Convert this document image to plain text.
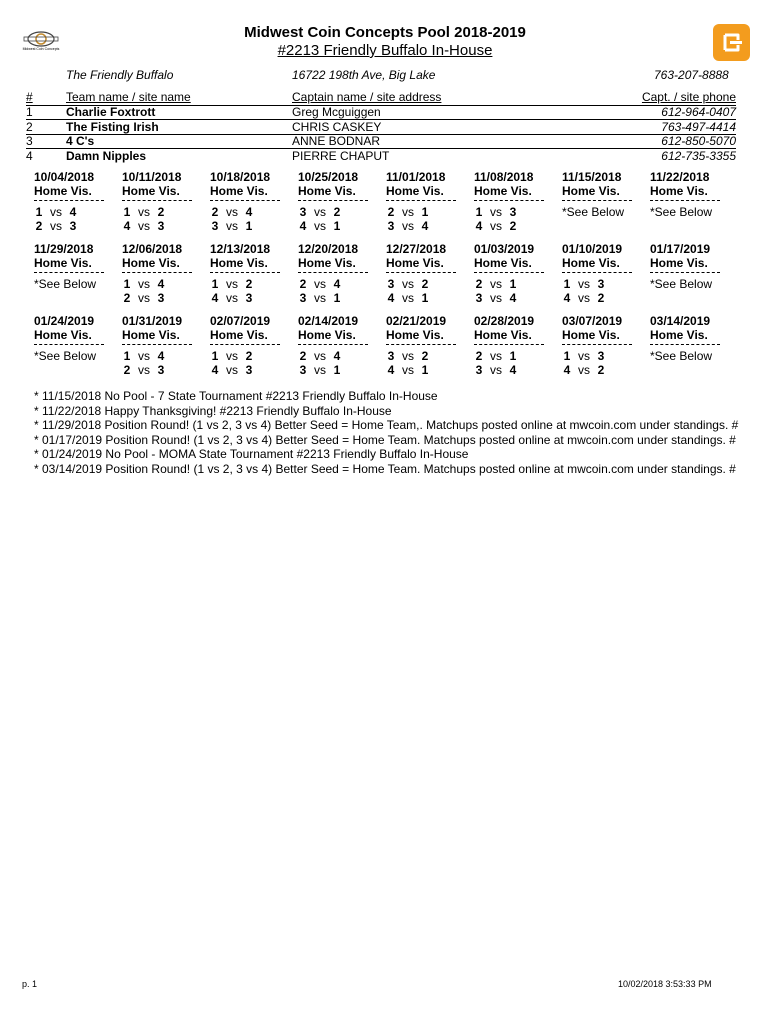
Midwest Coin Concepts
Midwest Coin Concepts Pool 2018-2019
#2213 Friendly Buffalo In-House
The Friendly Buffalo	16722 198th Ave, Big Lake	763-207-8888
#	Team name / site name	Captain name / site address	Capt. / site phone
1	Charlie Foxtrott	Greg Mcguiggen	612-964-0407
2	The Fisting Irish	CHRIS CASKEY	763-497-4414
3	4 C's	ANNE BODNAR	612-850-5070
4	Damn Nipples	PIERRE CHAPUT	612-735-3355
10/04/2018
Home Vis.
1 vs 4
2 vs 3
10/11/2018
Home Vis.
1 vs 2
4 vs 3
10/18/2018
Home Vis.
2 vs 4
3 vs 1
10/25/2018
Home Vis.
3 vs 2
4 vs 1
11/01/2018
Home Vis.
2 vs 1
3 vs 4
11/08/2018
Home Vis.
1 vs 3
4 vs 2
11/15/2018
Home Vis.
*See Below
11/22/2018
Home Vis.
*See Below
11/29/2018
Home Vis.
*See Below
12/06/2018
Home Vis.
1 vs 4
2 vs 3
12/13/2018
Home Vis.
1 vs 2
4 vs 3
12/20/2018
Home Vis.
2 vs 4
3 vs 1
12/27/2018
Home Vis.
3 vs 2
4 vs 1
01/03/2019
Home Vis.
2 vs 1
3 vs 4
01/10/2019
Home Vis.
1 vs 3
4 vs 2
01/17/2019
Home Vis.
*See Below
01/24/2019
Home Vis.
*See Below
01/31/2019
Home Vis.
1 vs 4
2 vs 3
02/07/2019
Home Vis.
1 vs 2
4 vs 3
02/14/2019
Home Vis.
2 vs 4
3 vs 1
02/21/2019
Home Vis.
3 vs 2
4 vs 1
02/28/2019
Home Vis.
2 vs 1
3 vs 4
03/07/2019
Home Vis.
1 vs 3
4 vs 2
03/14/2019
Home Vis.
*See Below
* 11/15/2018 No Pool - 7 State Tournament #2213 Friendly Buffalo In-House
* 11/22/2018 Happy Thanksgiving! #2213 Friendly Buffalo In-House
* 11/29/2018 Position Round! (1 vs 2, 3 vs 4) Better Seed = Home Team,. Matchups posted online at mwcoin.com under standings. #
* 01/17/2019 Position Round! (1 vs 2, 3 vs 4) Better Seed = Home Team. Matchups posted online at mwcoin.com under standings. #
* 01/24/2019 No Pool - MOMA State Tournament #2213 Friendly Buffalo In-House
* 03/14/2019 Position Round! (1 vs 2, 3 vs 4) Better Seed = Home Team. Matchups posted online at mwcoin.com under standings. #
p. 1	10/02/2018 3:53:33 PM
